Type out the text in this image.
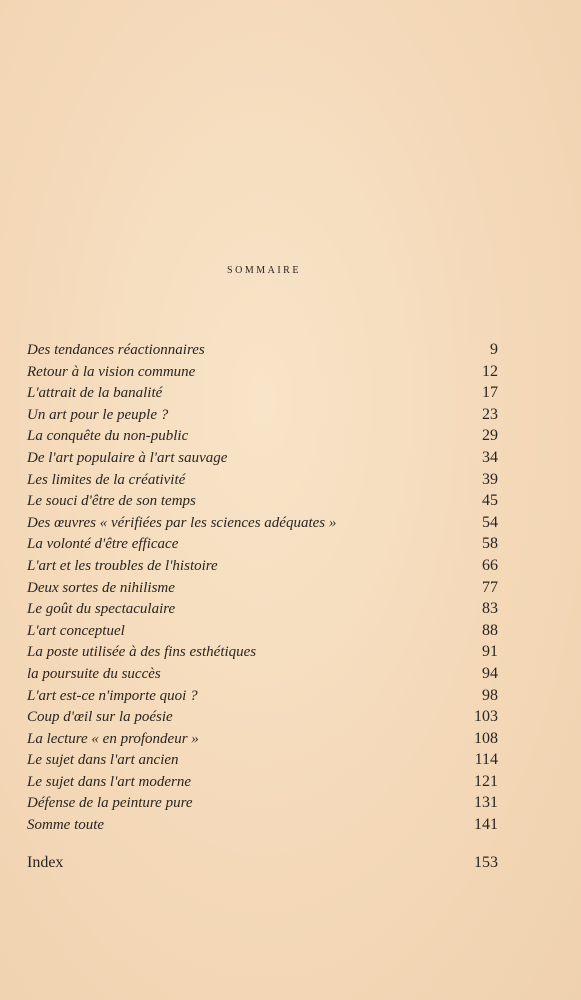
sommaire
Des tendances réactionnaires	9
Retour à la vision commune	12
L'attrait de la banalité	17
Un art pour le peuple ?	23
La conquête du non-public	29
De l'art populaire à l'art sauvage	34
Les limites de la créativité	39
Le souci d'être de son temps	45
Des œuvres « vérifiées par les sciences adéquates »	54
La volonté d'être efficace	58
L'art et les troubles de l'histoire	66
Deux sortes de nihilisme	77
Le goût du spectaculaire	83
L'art conceptuel	88
La poste utilisée à des fins esthétiques	91
la poursuite du succès	94
L'art est-ce n'importe quoi ?	98
Coup d'œil sur la poésie	103
La lecture « en profondeur »	108
Le sujet dans l'art ancien	114
Le sujet dans l'art moderne	121
Défense de la peinture pure	131
Somme toute	141
Index	153
